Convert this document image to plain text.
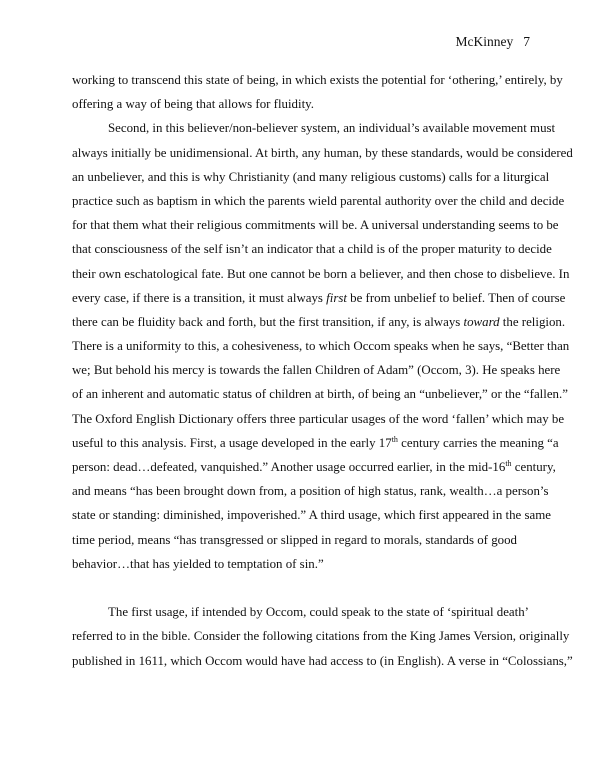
McKinney 7
working to transcend this state of being, in which exists the potential for ‘othering,’ entirely, by
offering a way of being that allows for fluidity.
Second, in this believer/non-believer system, an individual’s available movement must
always initially be unidimensional. At birth, any human, by these standards, would be considered
an unbeliever, and this is why Christianity (and many religious customs) calls for a liturgical
practice such as baptism in which the parents wield parental authority over the child and decide
for that them what their religious commitments will be. A universal understanding seems to be
that consciousness of the self isn’t an indicator that a child is of the proper maturity to decide
their own eschatological fate. But one cannot be born a believer, and then chose to disbelieve. In
every case, if there is a transition, it must always first be from unbelief to belief. Then of course
there can be fluidity back and forth, but the first transition, if any, is always toward the religion.
There is a uniformity to this, a cohesiveness, to which Occom speaks when he says, “Better than
we; But behold his mercy is towards the fallen Children of Adam” (Occom, 3). He speaks here
of an inherent and automatic status of children at birth, of being an “unbeliever,” or the “fallen.”
The Oxford English Dictionary offers three particular usages of the word ‘fallen’ which may be
useful to this analysis. First, a usage developed in the early 17th century carries the meaning “a
person: dead…defeated, vanquished.” Another usage occurred earlier, in the mid-16th century,
and means “has been brought down from, a position of high status, rank, wealth…a person’s
state or standing: diminished, impoverished.” A third usage, which first appeared in the same
time period, means “has transgressed or slipped in regard to morals, standards of good
behavior…that has yielded to temptation of sin.”
The first usage, if intended by Occom, could speak to the state of ‘spiritual death’
referred to in the bible. Consider the following citations from the King James Version, originally
published in 1611, which Occom would have had access to (in English). A verse in “Colossians,”
